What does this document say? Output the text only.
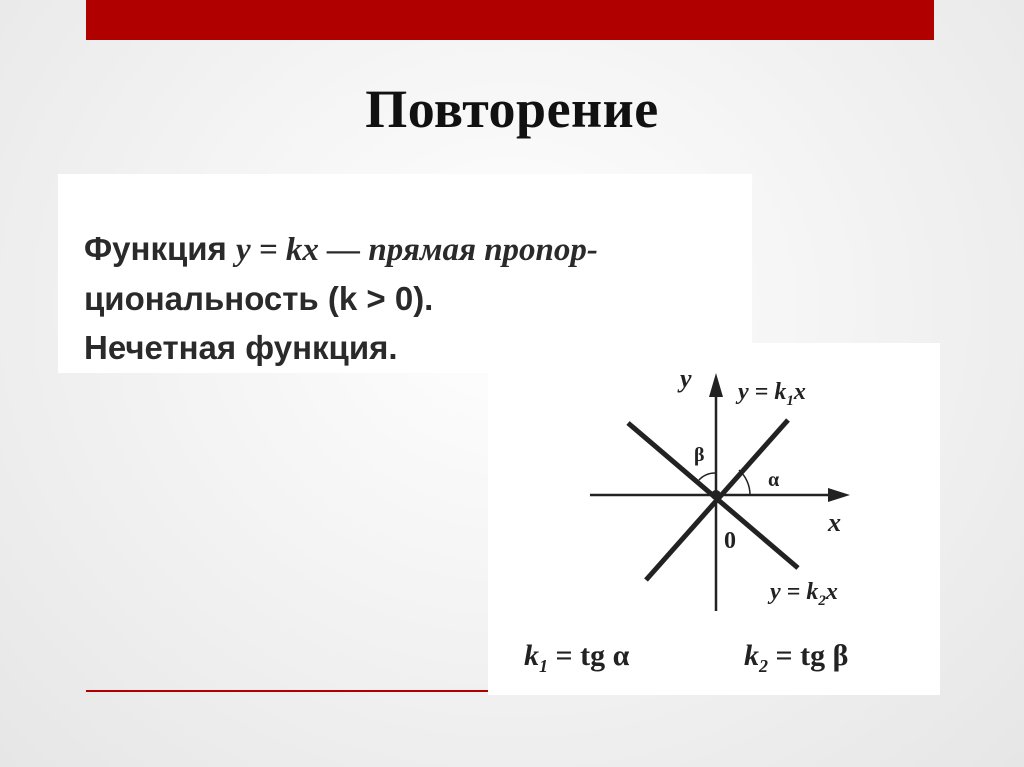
Повторение
Функция y = kx — прямая пропор-
циональность (k > 0).
Нечетная функция.
y
x
0
α
β
$y = k_1x$
$y = k_2x$
$k_1$ = tg α	$k_2$ = tg β
